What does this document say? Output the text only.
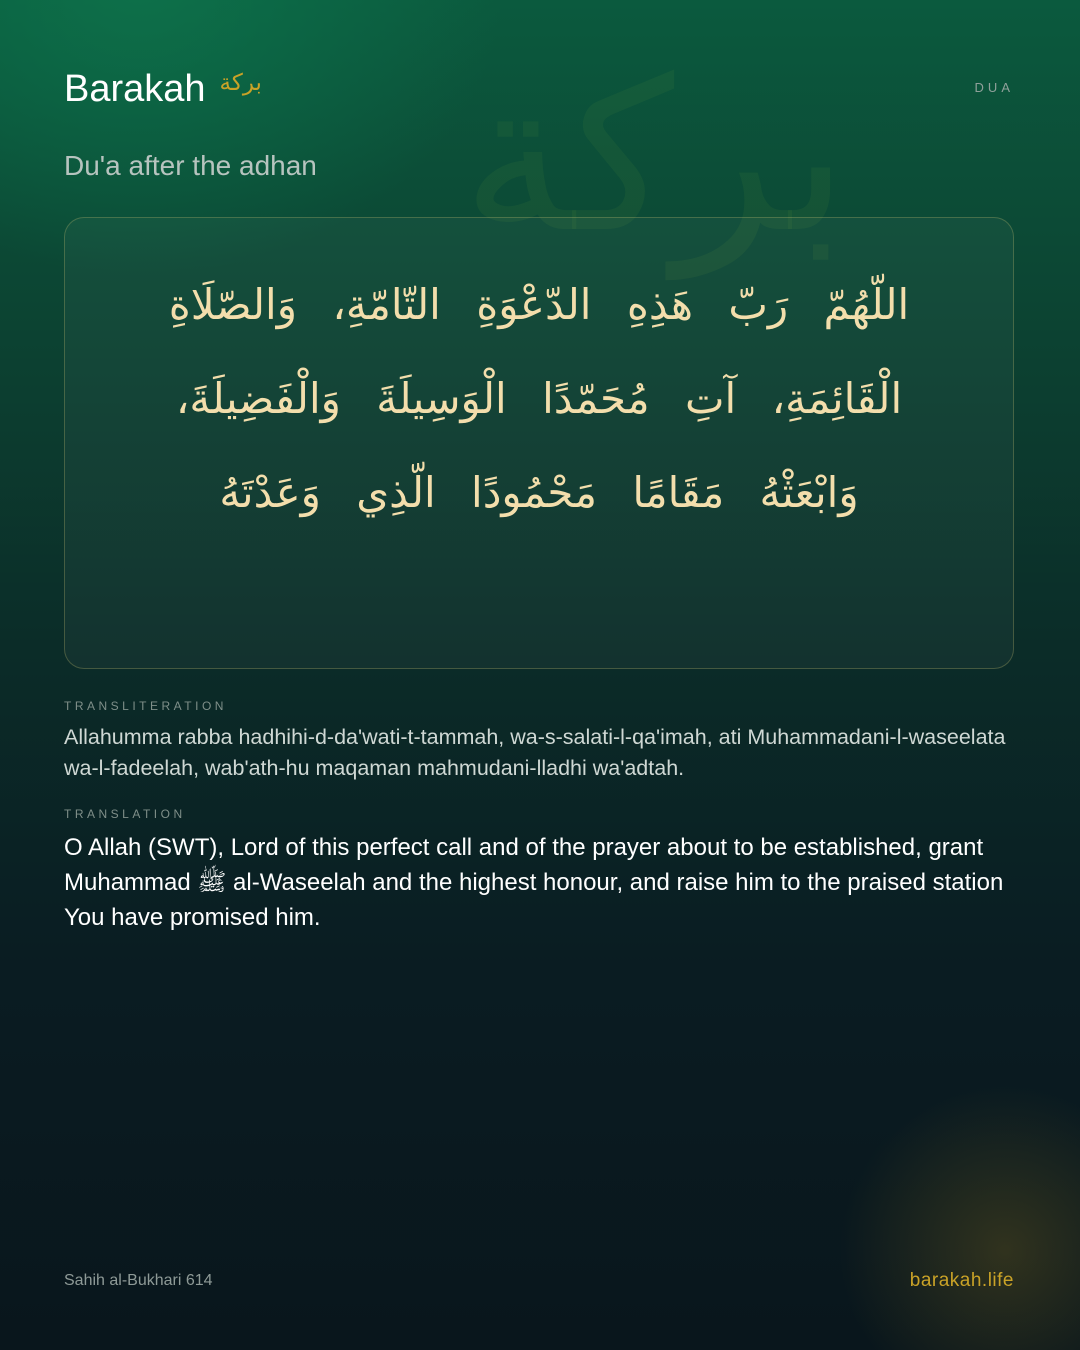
بركة
Barakah بركة	DUA
Du'a after the adhan
اللّهُمّ رَبّ هَذِهِ الدّعْوَةِ التّامّةِ، وَالصّلَاةِ الْقَائِمَةِ، آتِ مُحَمّدًا الْوَسِيلَةَ وَالْفَضِيلَةَ، وَابْعَثْهُ مَقَامًا مَحْمُودًا الّذِي وَعَدْتَهُ
TRANSLITERATION
Allahumma rabba hadhihi-d-da'wati-t-tammah, wa-s-salati-l-qa'imah, ati Muhammadani-l-waseelata wa-l-fadeelah, wab'ath-hu maqaman mahmudani-lladhi wa'adtah.
TRANSLATION
O Allah (SWT), Lord of this perfect call and of the prayer about to be established, grant Muhammad ﷺ al-Waseelah and the highest honour, and raise him to the praised station You have promised him.
Sahih al-Bukhari 614	barakah.life
